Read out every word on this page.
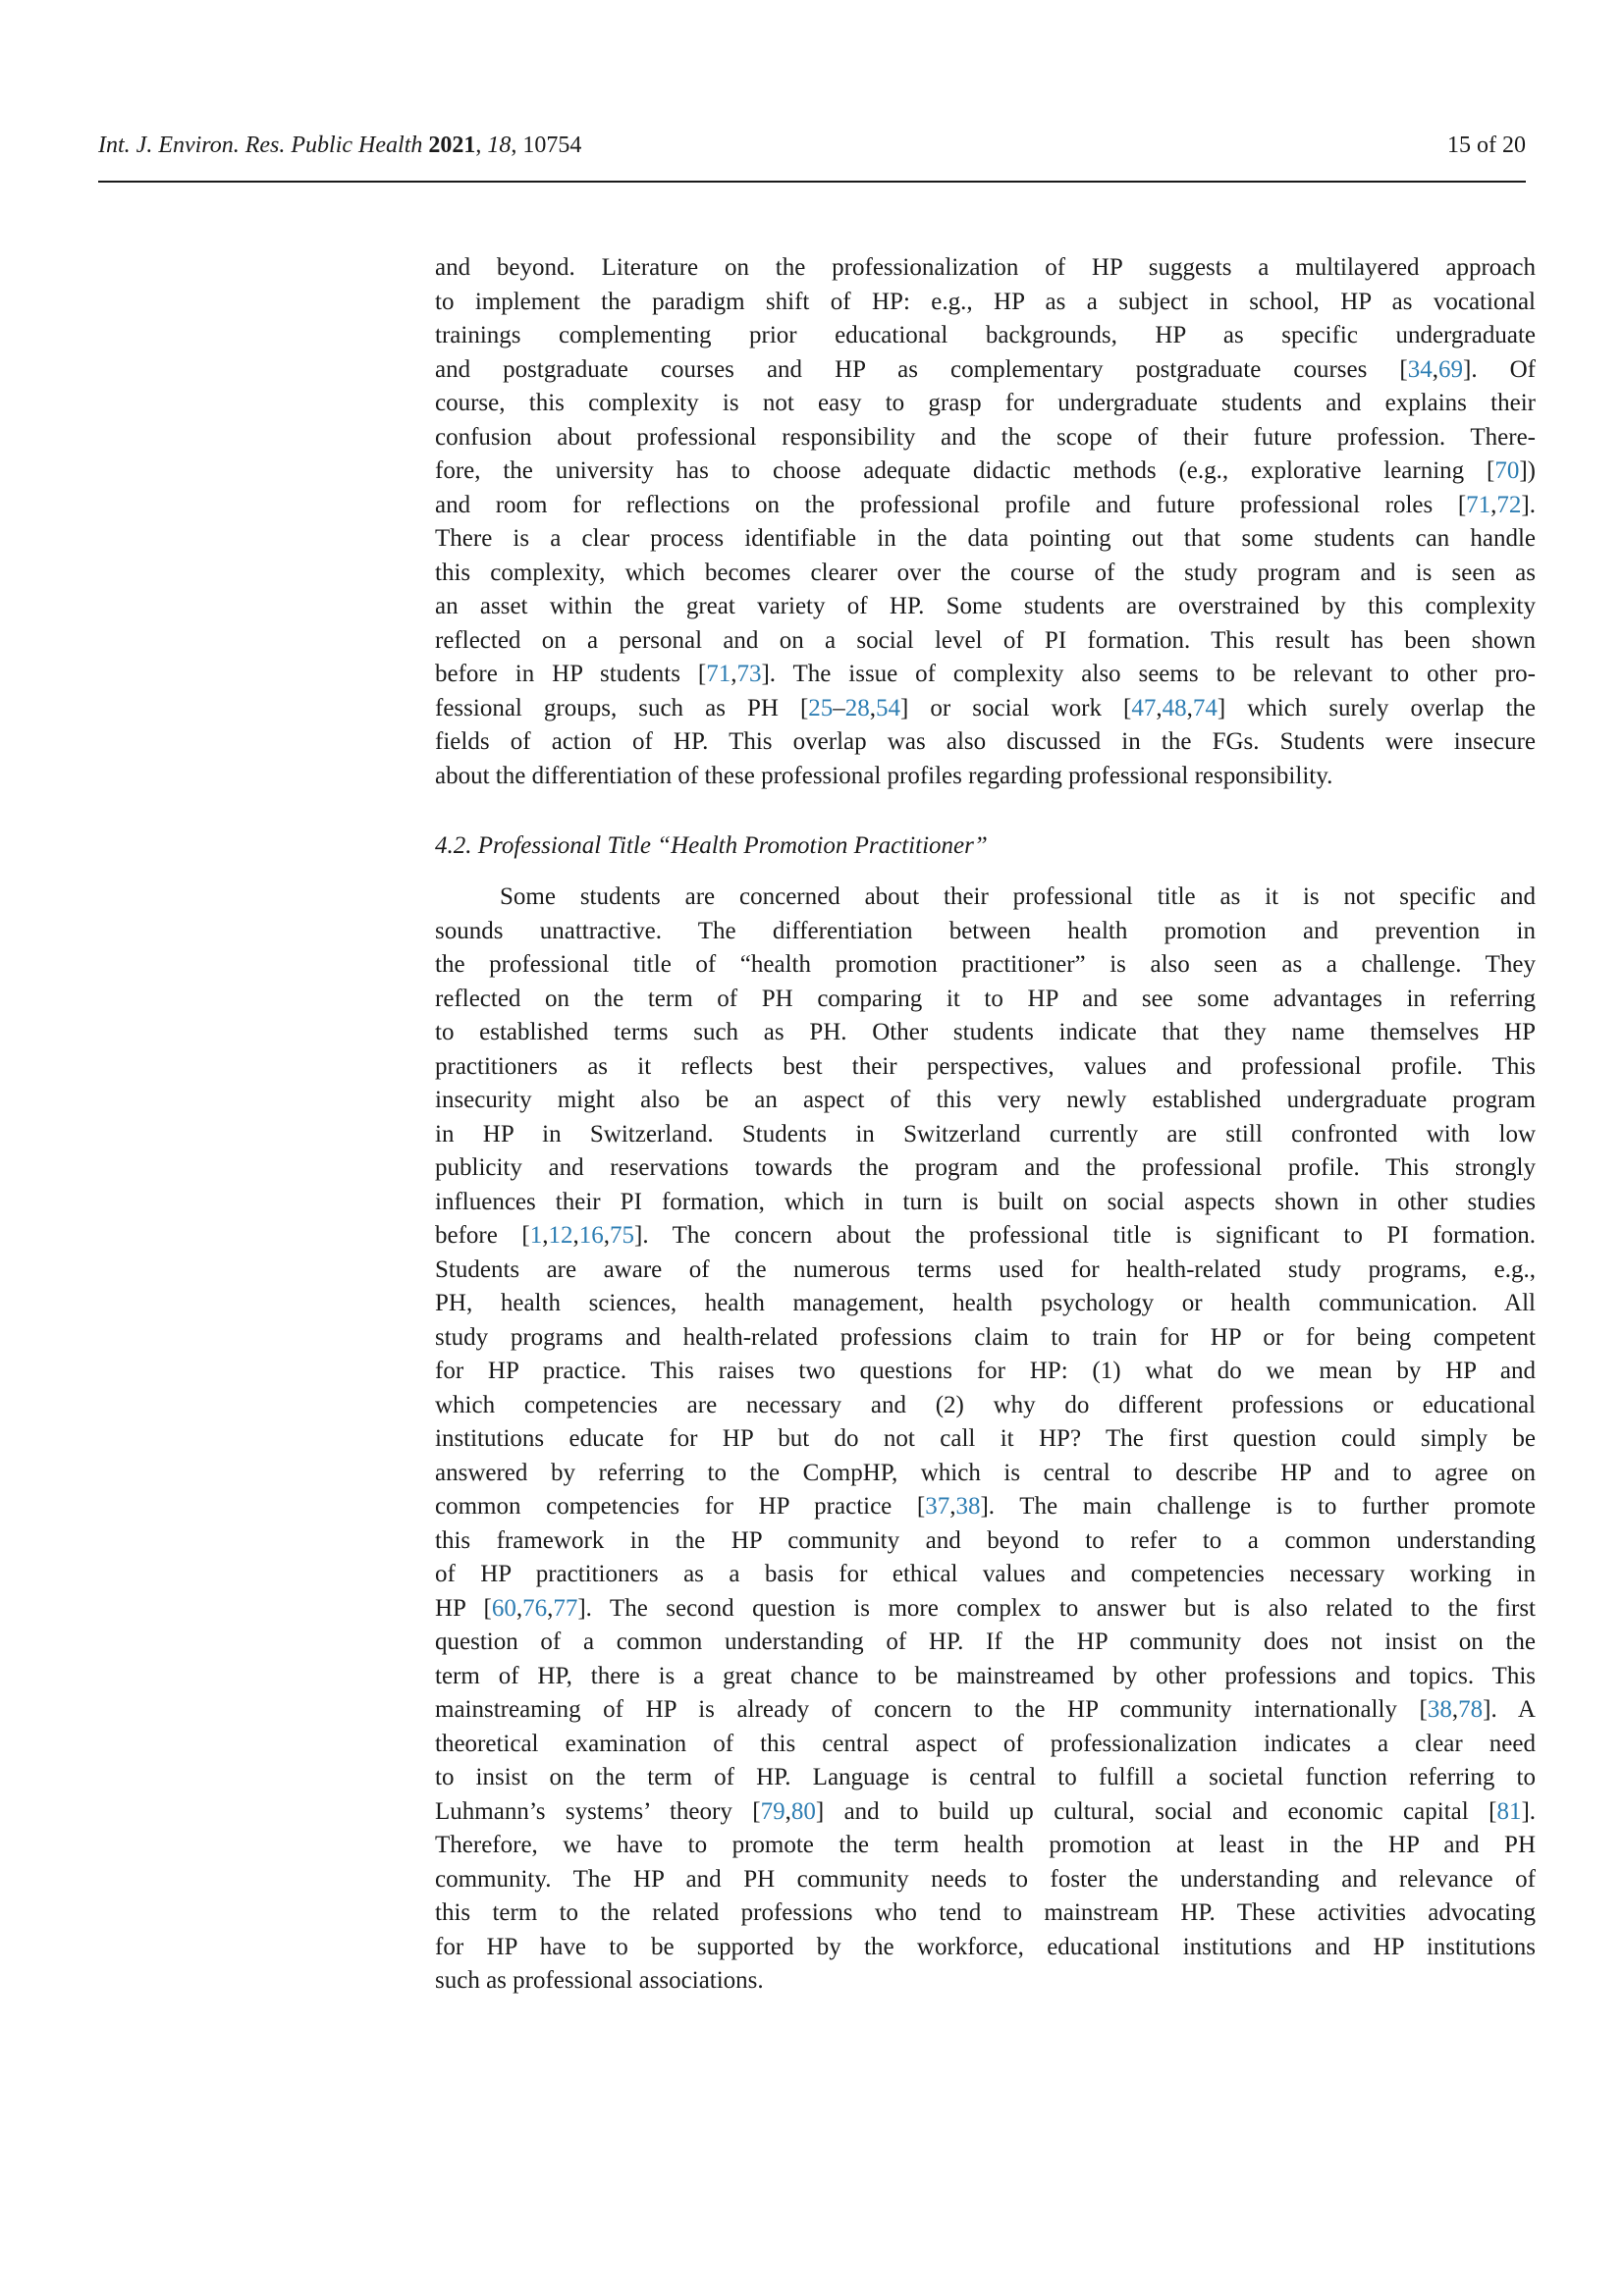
Int. J. Environ. Res. Public Health 2021, 18, 10754	15 of 20
and beyond. Literature on the professionalization of HP suggests a multilayered approach
to implement the paradigm shift of HP: e.g., HP as a subject in school, HP as vocational
trainings complementing prior educational backgrounds, HP as specific undergraduate
and postgraduate courses and HP as complementary postgraduate courses [34,69]. Of
course, this complexity is not easy to grasp for undergraduate students and explains their
confusion about professional responsibility and the scope of their future profession. There-
fore, the university has to choose adequate didactic methods (e.g., explorative learning [70])
and room for reflections on the professional profile and future professional roles [71,72].
There is a clear process identifiable in the data pointing out that some students can handle
this complexity, which becomes clearer over the course of the study program and is seen as
an asset within the great variety of HP. Some students are overstrained by this complexity
reflected on a personal and on a social level of PI formation. This result has been shown
before in HP students [71,73]. The issue of complexity also seems to be relevant to other pro-
fessional groups, such as PH [25–28,54] or social work [47,48,74] which surely overlap the
fields of action of HP. This overlap was also discussed in the FGs. Students were insecure
about the differentiation of these professional profiles regarding professional responsibility.
4.2. Professional Title “Health Promotion Practitioner”
Some students are concerned about their professional title as it is not specific and
sounds unattractive. The differentiation between health promotion and prevention in
the professional title of “health promotion practitioner” is also seen as a challenge. They
reflected on the term of PH comparing it to HP and see some advantages in referring
to established terms such as PH. Other students indicate that they name themselves HP
practitioners as it reflects best their perspectives, values and professional profile. This
insecurity might also be an aspect of this very newly established undergraduate program
in HP in Switzerland. Students in Switzerland currently are still confronted with low
publicity and reservations towards the program and the professional profile. This strongly
influences their PI formation, which in turn is built on social aspects shown in other studies
before [1,12,16,75]. The concern about the professional title is significant to PI formation.
Students are aware of the numerous terms used for health-related study programs, e.g.,
PH, health sciences, health management, health psychology or health communication. All
study programs and health-related professions claim to train for HP or for being competent
for HP practice. This raises two questions for HP: (1) what do we mean by HP and
which competencies are necessary and (2) why do different professions or educational
institutions educate for HP but do not call it HP? The first question could simply be
answered by referring to the CompHP, which is central to describe HP and to agree on
common competencies for HP practice [37,38]. The main challenge is to further promote
this framework in the HP community and beyond to refer to a common understanding
of HP practitioners as a basis for ethical values and competencies necessary working in
HP [60,76,77]. The second question is more complex to answer but is also related to the first
question of a common understanding of HP. If the HP community does not insist on the
term of HP, there is a great chance to be mainstreamed by other professions and topics. This
mainstreaming of HP is already of concern to the HP community internationally [38,78]. A
theoretical examination of this central aspect of professionalization indicates a clear need
to insist on the term of HP. Language is central to fulfill a societal function referring to
Luhmann’s systems’ theory [79,80] and to build up cultural, social and economic capital [81].
Therefore, we have to promote the term health promotion at least in the HP and PH
community. The HP and PH community needs to foster the understanding and relevance of
this term to the related professions who tend to mainstream HP. These activities advocating
for HP have to be supported by the workforce, educational institutions and HP institutions
such as professional associations.
